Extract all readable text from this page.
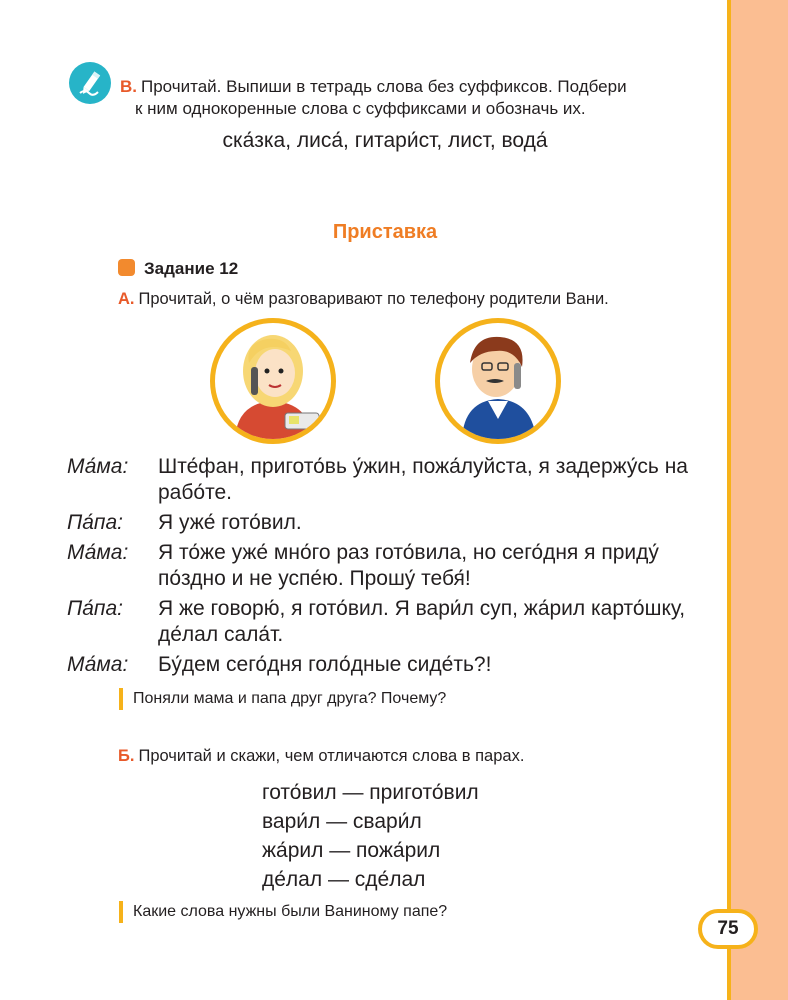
В. Прочитай. Выпиши в тетрадь слова без суффиксов. Подбери
к ним однокоренные слова с суффиксами и обозначь их.
ска́зка, лиса́, гитари́ст, лист, вода́
Приставка
Задание 12
А. Прочитай, о чём разговаривают по телефону родители Вани.
Ма́ма: Ште́фан, пригото́вь у́жин, пожа́луйста, я задержу́сь на рабо́те.
Па́па: Я уже́ гото́вил.
Ма́ма: Я то́же уже́ мно́го раз гото́вила, но сего́дня я приду́ по́здно и не успе́ю. Прошу́ тебя́!
Па́па: Я же говорю́, я гото́вил. Я вари́л суп, жа́рил карто́шку, де́лал сала́т.
Ма́ма: Бу́дем сего́дня голо́дные сиде́ть?!
Поняли мама и папа друг друга? Почему?
Б. Прочитай и скажи, чем отличаются слова в парах.
гото́вил — пригото́вил
вари́л — свари́л
жа́рил — пожа́рил
де́лал — сде́лал
Какие слова нужны были Ваниному папе?
75
